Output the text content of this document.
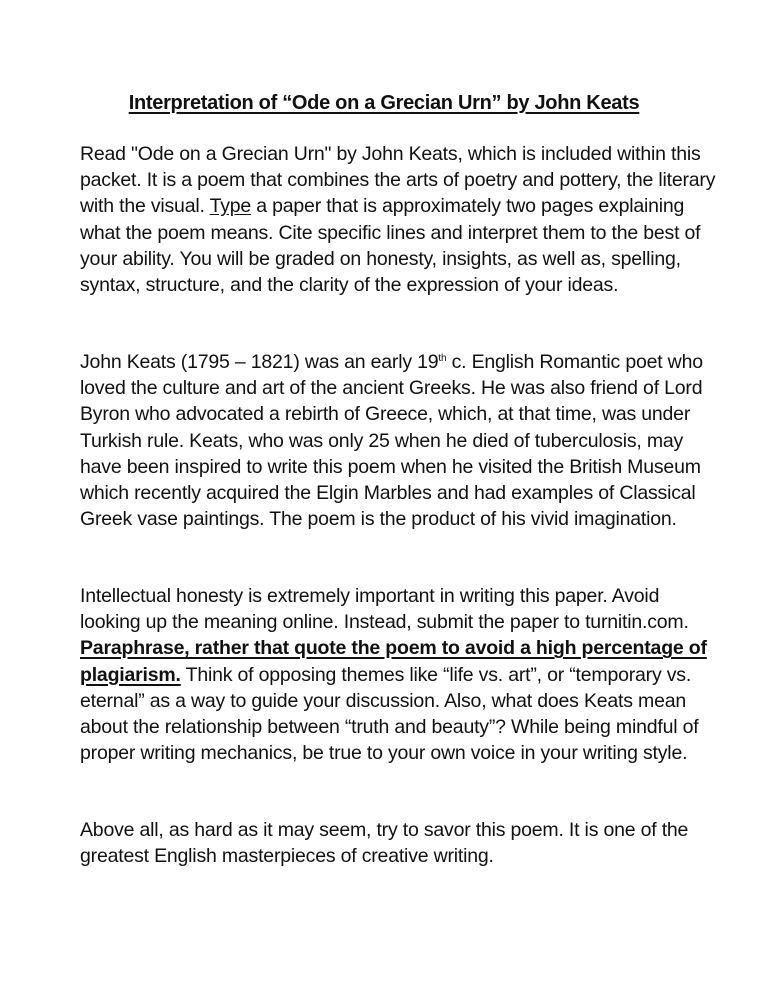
Interpretation of “Ode on a Grecian Urn” by John Keats

Read "Ode on a Grecian Urn" by John Keats, which is included within this packet. It is a poem that combines the arts of poetry and pottery, the literary with the visual. Type a paper that is approximately two pages explaining what the poem means. Cite specific lines and interpret them to the best of your ability. You will be graded on honesty, insights, as well as, spelling, syntax, structure, and the clarity of the expression of your ideas.

John Keats (1795 – 1821) was an early 19th c. English Romantic poet who loved the culture and art of the ancient Greeks. He was also friend of Lord Byron who advocated a rebirth of Greece, which, at that time, was under Turkish rule. Keats, who was only 25 when he died of tuberculosis, may have been inspired to write this poem when he visited the British Museum which recently acquired the Elgin Marbles and had examples of Classical Greek vase paintings. The poem is the product of his vivid imagination.

Intellectual honesty is extremely important in writing this paper. Avoid looking up the meaning online. Instead, submit the paper to turnitin.com. Paraphrase, rather that quote the poem to avoid a high percentage of plagiarism. Think of opposing themes like “life vs. art”, or “temporary vs. eternal” as a way to guide your discussion. Also, what does Keats mean about the relationship between “truth and beauty”? While being mindful of proper writing mechanics, be true to your own voice in your writing style.

Above all, as hard as it may seem, try to savor this poem. It is one of the greatest English masterpieces of creative writing.
